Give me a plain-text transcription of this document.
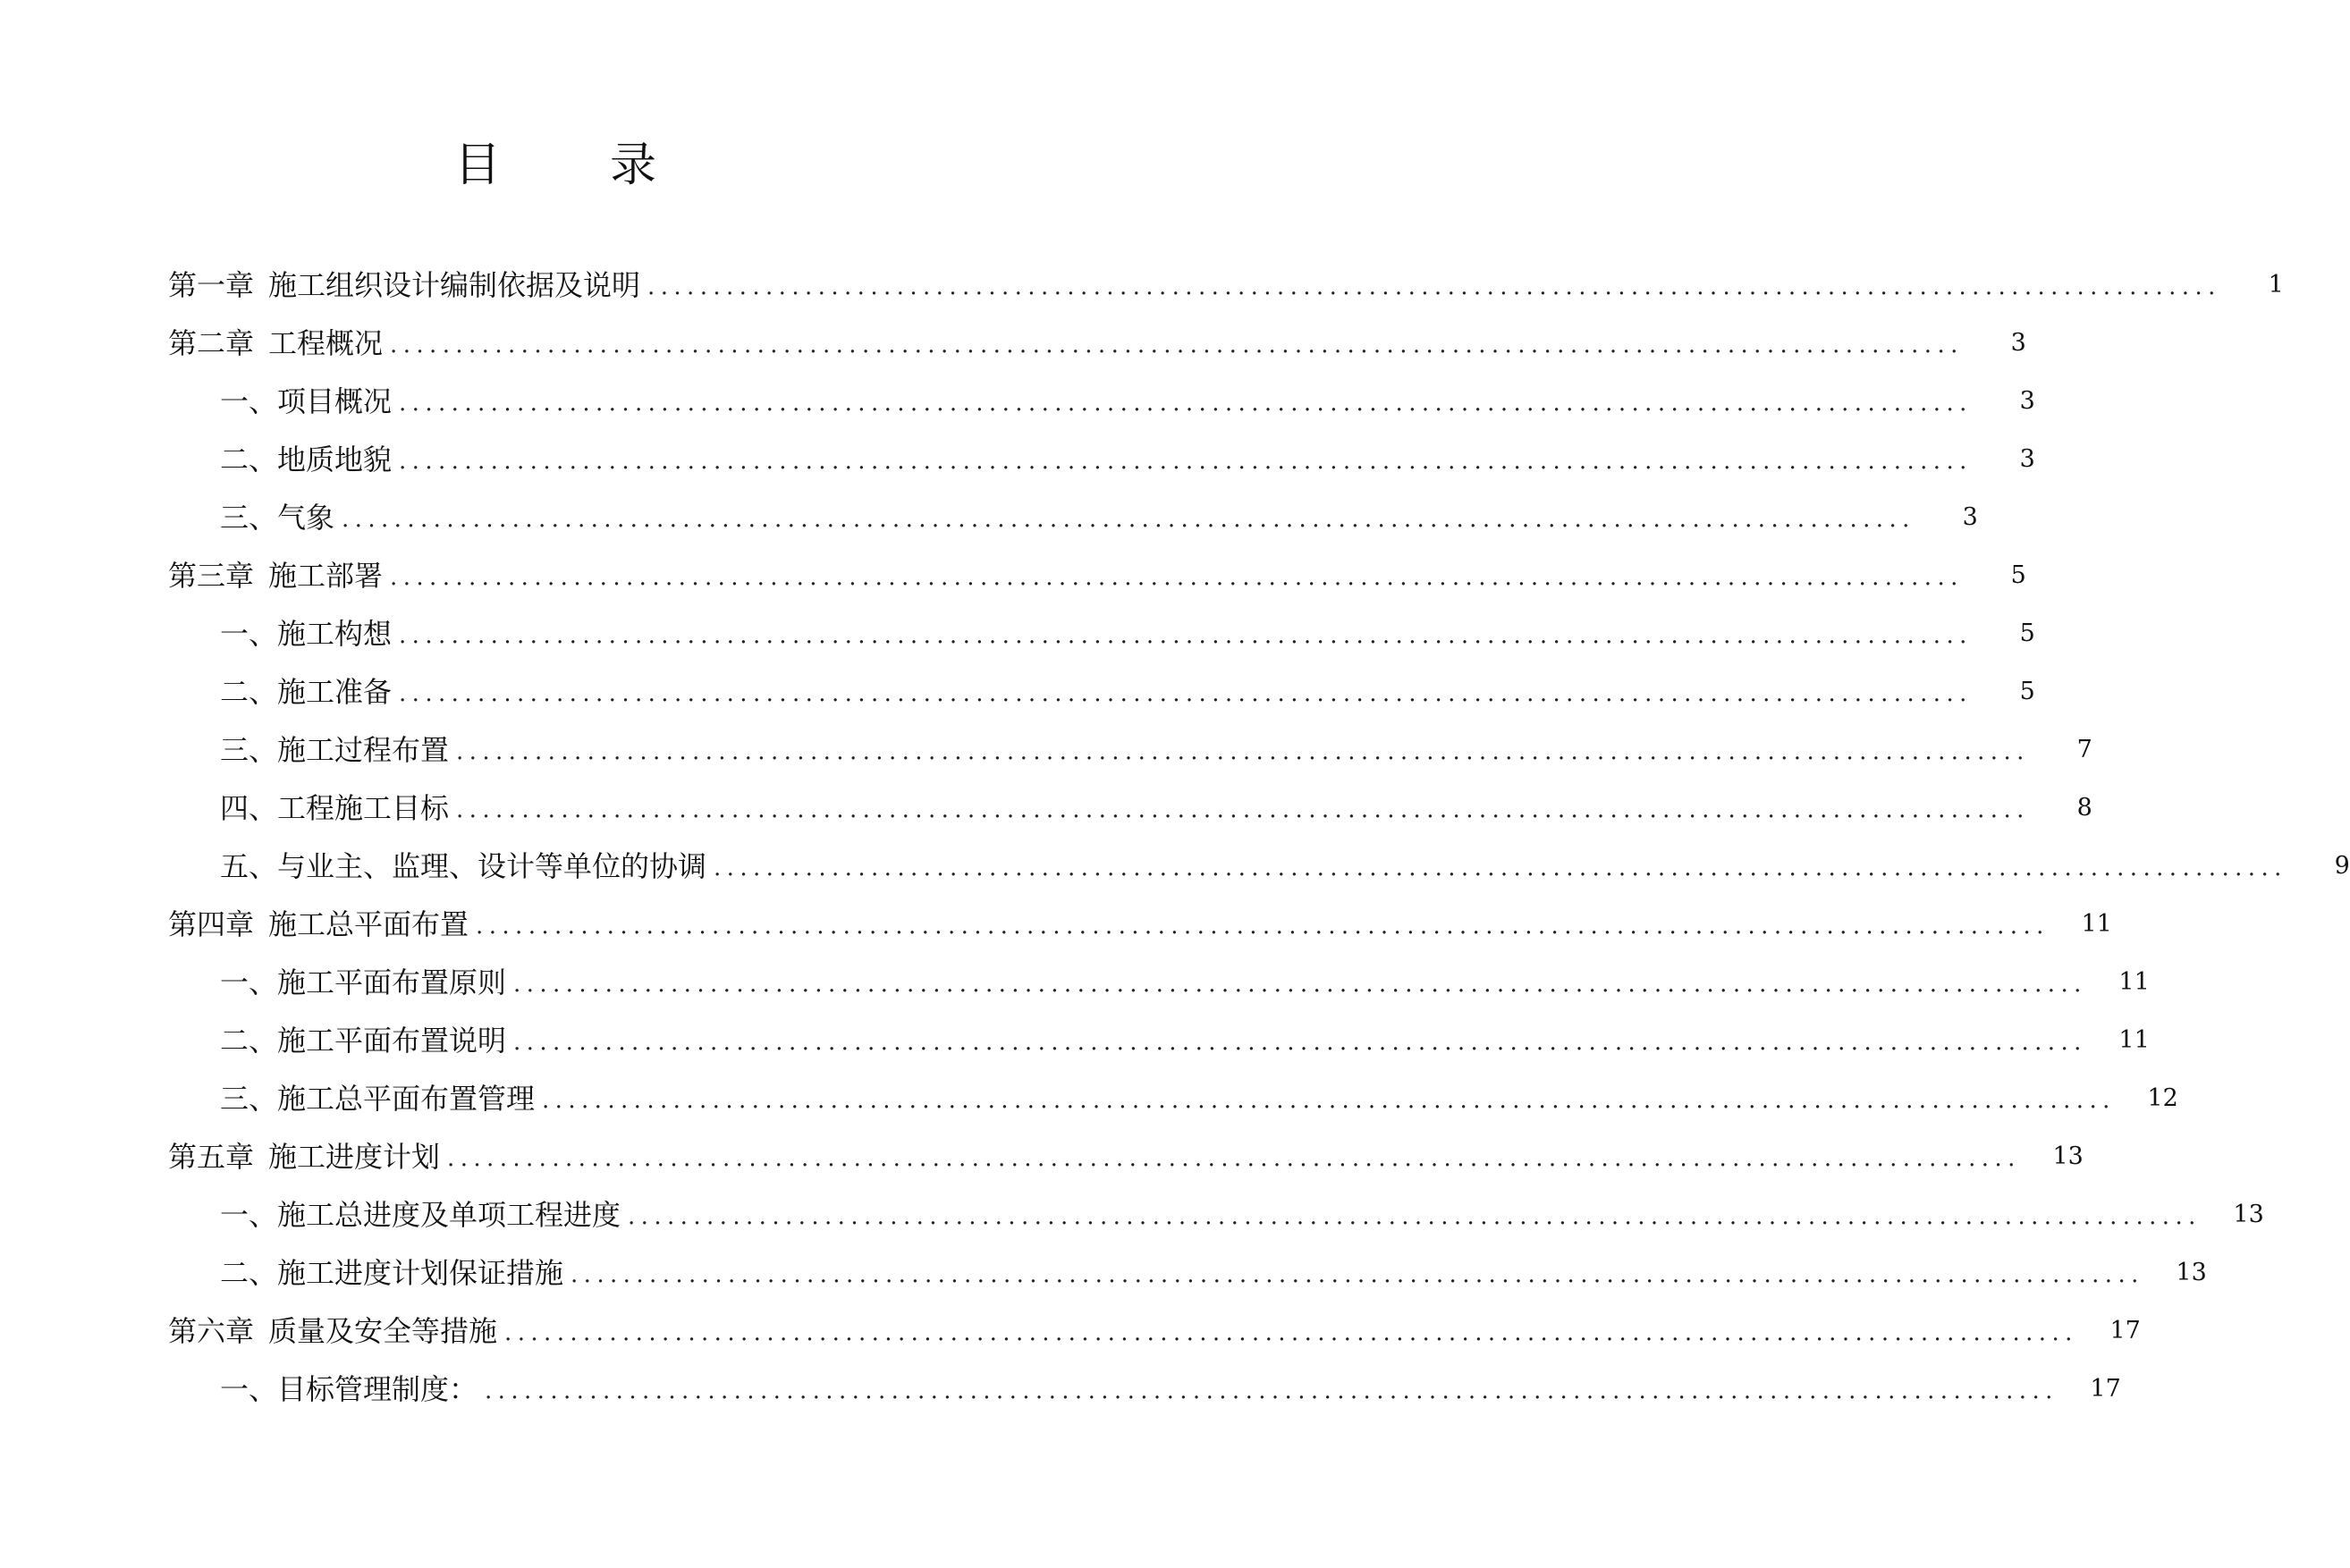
目 录
第一章 施工组织设计编制依据及说明 ........................................................................................................................	1
第二章 工程概况 ........................................................................................................................	3
一、项目概况 ........................................................................................................................	3
二、地质地貌 ........................................................................................................................	3
三、气象 ........................................................................................................................	3
第三章 施工部署 ........................................................................................................................	5
一、施工构想 ........................................................................................................................	5
二、施工准备 ........................................................................................................................	5
三、施工过程布置 ........................................................................................................................	7
四、工程施工目标 ........................................................................................................................	8
五、与业主、监理、设计等单位的协调 ........................................................................................................................	9
第四章 施工总平面布置 ........................................................................................................................	11
一、施工平面布置原则 ........................................................................................................................	11
二、施工平面布置说明 ........................................................................................................................	11
三、施工总平面布置管理 ........................................................................................................................	12
第五章 施工进度计划 ........................................................................................................................	13
一、施工总进度及单项工程进度 ........................................................................................................................	13
二、施工进度计划保证措施 ........................................................................................................................	13
第六章 质量及安全等措施 ........................................................................................................................	17
一、目标管理制度： ........................................................................................................................	17
